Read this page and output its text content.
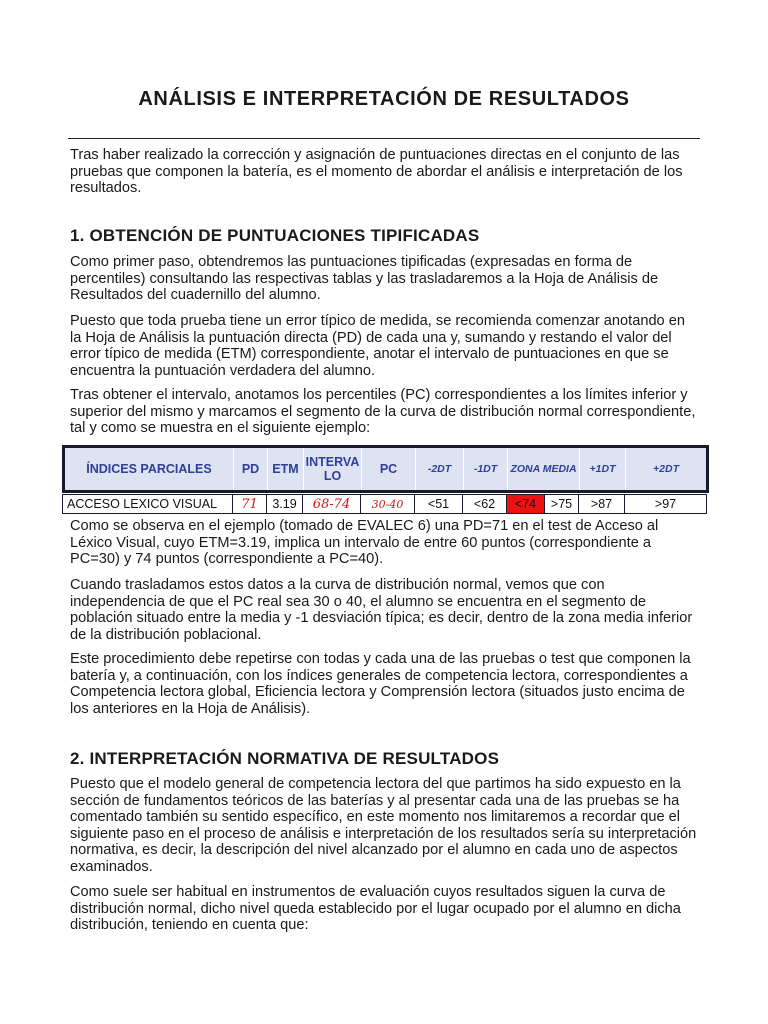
ANÁLISIS E INTERPRETACIÓN DE RESULTADOS

Tras haber realizado la corrección y asignación de puntuaciones directas en el conjunto de las pruebas que componen la batería, es el momento de abordar el análisis e interpretación de los resultados.

1. OBTENCIÓN DE PUNTUACIONES TIPIFICADAS

Como primer paso, obtendremos las puntuaciones tipificadas (expresadas en forma de percentiles) consultando las respectivas tablas y las trasladaremos a la Hoja de Análisis de Resultados del cuadernillo del alumno.

Puesto que toda prueba tiene un error típico de medida, se recomienda comenzar anotando en la Hoja de Análisis la puntuación directa (PD) de cada una y, sumando y restando el valor del error típico de medida (ETM) correspondiente, anotar el intervalo de puntuaciones en que se encuentra la puntuación verdadera del alumno.

Tras obtener el intervalo, anotamos los percentiles (PC) correspondientes a los límites inferior y superior del mismo y marcamos el segmento de la curva de distribución normal correspondiente, tal y como se muestra en el siguiente ejemplo:

ÍNDICES PARCIALES	PD	ETM	INTERVA LO	PC	-2DT	-1DT	ZONA MEDIA	+1DT	+2DT
ACCESO LEXICO VISUAL	71	3.19	68-74	30-40	<51	<62	<74	>75	>87	>97

Como se observa en el ejemplo (tomado de EVALEC 6) una PD=71 en el test de Acceso al Léxico Visual, cuyo ETM=3.19, implica un intervalo de entre 60 puntos (correspondiente a PC=30) y 74 puntos (correspondiente a PC=40).

Cuando trasladamos estos datos a la curva de distribución normal, vemos que con independencia de que el PC real sea 30 o 40, el alumno se encuentra en el segmento de población situado entre la media y -1 desviación típica; es decir, dentro de la zona media inferior de la distribución poblacional.

Este procedimiento debe repetirse con todas y cada una de las pruebas o test que componen la batería y, a continuación, con los índices generales de competencia lectora, correspondientes a Competencia lectora global, Eficiencia lectora y Comprensión lectora (situados justo encima de los anteriores en la Hoja de Análisis).

2. INTERPRETACIÓN NORMATIVA DE RESULTADOS

Puesto que el modelo general de competencia lectora del que partimos ha sido expuesto en la sección de fundamentos teóricos de las baterías y al presentar cada una de las pruebas se ha comentado también su sentido específico, en este momento nos limitaremos a recordar que el siguiente paso en el proceso de análisis e interpretación de los resultados sería su interpretación normativa, es decir, la descripción del nivel alcanzado por el alumno en cada uno de aspectos examinados.

Como suele ser habitual en instrumentos de evaluación cuyos resultados siguen la curva de distribución normal, dicho nivel queda establecido por el lugar ocupado por el alumno en dicha distribución, teniendo en cuenta que:
